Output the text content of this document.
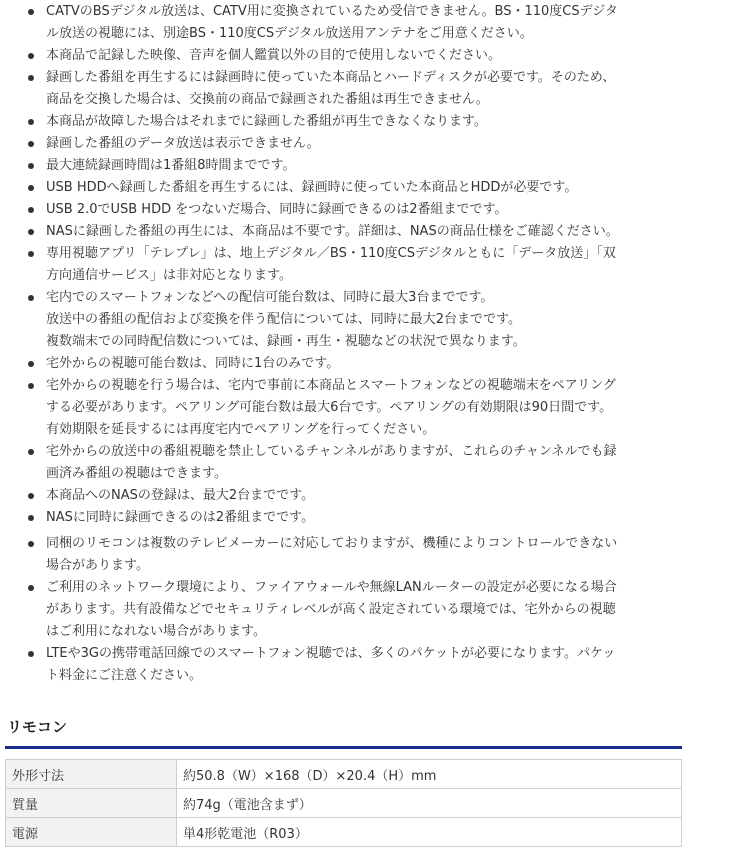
CATVのBSデジタル放送は、CATV用に変換されているため受信できません。BS・110度CSデジタ
ル放送の視聴には、別途BS・110度CSデジタル放送用アンテナをご用意ください。
本商品で記録した映像、音声を個人鑑賞以外の目的で使用しないでください。
録画した番組を再生するには録画時に使っていた本商品とハードディスクが必要です。そのため、
商品を交換した場合は、交換前の商品で録画された番組は再生できません。
本商品が故障した場合はそれまでに録画した番組が再生できなくなります。
録画した番組のデータ放送は表示できません。
最大連続録画時間は1番組8時間までです。
USB HDDへ録画した番組を再生するには、録画時に使っていた本商品とHDDが必要です。
USB 2.0でUSB HDD をつないだ場合、同時に録画できるのは2番組までです。
NASに録画した番組の再生には、本商品は不要です。詳細は、NASの商品仕様をご確認ください。
専用視聴アプリ「テレプレ」は、地上デジタル／BS・110度CSデジタルともに「データ放送」「双
方向通信サービス」は非対応となります。
宅内でのスマートフォンなどへの配信可能台数は、同時に最大3台までです。
放送中の番組の配信および変換を伴う配信については、同時に最大2台までです。
複数端末での同時配信数については、録画・再生・視聴などの状況で異なります。
宅外からの視聴可能台数は、同時に1台のみです。
宅外からの視聴を行う場合は、宅内で事前に本商品とスマートフォンなどの視聴端末をペアリング
する必要があります。ペアリング可能台数は最大6台です。ペアリングの有効期限は90日間です。
有効期限を延長するには再度宅内でペアリングを行ってください。
宅外からの放送中の番組視聴を禁止しているチャンネルがありますが、これらのチャンネルでも録
画済み番組の視聴はできます。
本商品へのNASの登録は、最大2台までです。
NASに同時に録画できるのは2番組までです。
同梱のリモコンは複数のテレビメーカーに対応しておりますが、機種によりコントロールできない
場合があります。
ご利用のネットワーク環境により、ファイアウォールや無線LANルーターの設定が必要になる場合
があります。共有設備などでセキュリティレベルが高く設定されている環境では、宅外からの視聴
はご利用になれない場合があります。
LTEや3Gの携帯電話回線でのスマートフォン視聴では、多くのパケットが必要になります。パケッ
ト料金にご注意ください。
リモコン
外形寸法	約50.8（W）×168（D）×20.4（H）mm
質量	約74g（電池含まず）
電源	単4形乾電池（R03）
